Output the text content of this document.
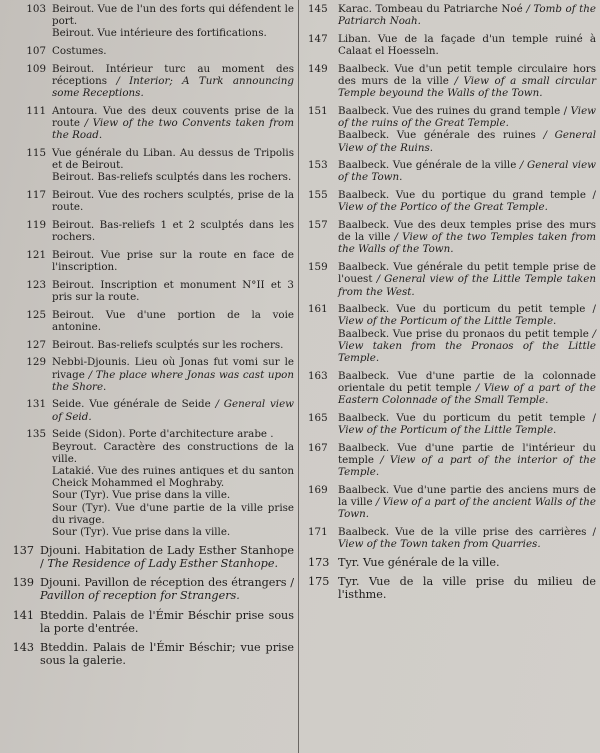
103 Beirout. Vue de l'un des forts qui défendent le port.

Beirout. Vue intérieure des fortifications.

107 Costumes.

109 Beirout. Intérieur turc au moment des réceptions / Interior; A Turk announcing some Receptions.

111 Antoura. Vue des deux couvents prise de la route / View of the two Convents taken from the Road.

115 Vue générale du Liban. Au dessus de Tripolis et de Beirout.

Beirout. Bas-reliefs sculptés dans les rochers.

117 Beirout. Vue des rochers sculptés, prise de la route.

119 Beirout. Bas-reliefs 1 et 2 sculptés dans les rochers.

121 Beirout. Vue prise sur la route en face de l'inscription.

123 Beirout. Inscription et monument N°II et 3 pris sur la route.

125 Beirout. Vue d'une portion de la voie antonine.

127 Beirout. Bas-reliefs sculptés sur les rochers.

129 Nebbi-Djounis. Lieu où Jonas fut vomi sur le rivage / The place where Jonas was cast upon the Shore.

131 Seide. Vue générale de Seide / General view of Seid.

135 Seide (Sidon). Porte d'architecture arabe .

Beyrout. Caractère des constructions de la ville.

Latakié. Vue des ruines antiques et du santon Cheick Mohammed el Moghraby.

Sour (Tyr). Vue prise dans la ville.

Sour (Tyr). Vue d'une partie de la ville prise du rivage.

Sour (Tyr). Vue prise dans la ville.

137 Djouni. Habitation de Lady Esther Stanhope / The Residence of Lady Esther Stanhope.

139 Djouni. Pavillon de réception des étrangers / Pavillon of reception for Strangers.

141 Bteddin. Palais de l'Émir Béschir prise sous la porte d'entrée.

143 Bteddin. Palais de l'Émir Béschir; vue prise sous la galerie.

145	Karac. Tombeau du Patriarche Noé / Tomb of the Patriarch Noah.

147	Liban. Vue de la façade d'un temple ruiné à Calaat el Hoesseln.

149	Baalbeck. Vue d'un petit temple circulaire hors des murs de la ville / View of a small circular Temple beyound the Walls of the Town.

151	Baalbeck. Vue des ruines du grand temple / View of the ruins of the Great Temple.

Baalbeck. Vue générale des ruines / General View of the Ruins.

153	Baalbeck. Vue générale de la ville / General view of the Town.

155	Baalbeck. Vue du portique du grand temple / View of the Portico of the Great Temple.

157	Baalbeck. Vue des deux temples prise des murs de la ville / View of the two Temples taken from the Walls of the Town.

159	Baalbeck. Vue générale du petit temple prise de l'ouest / General view of the Little Temple taken from the West.

161	Baalbeck. Vue du porticum du petit temple / View of the Porticum of the Little Temple.

Baalbeck. Vue prise du pronaos du petit temple / View taken from the Pronaos of the Little Temple.

163	Baalbeck. Vue d'une partie de la colonnade orientale du petit temple / View of a part of the Eastern Colonnade of the Small Temple.

165	Baalbeck. Vue du porticum du petit temple / View of the Porticum of the Little Temple.

167	Baalbeck. Vue d'une partie de l'intérieur du temple / View of a part of the interior of the Temple.

169	Baalbeck. Vue d'une partie des anciens murs de la ville / View of a part of the ancient Walls of the Town.

171	Baalbeck. Vue de la ville prise des carrières / View of the Town taken from Quarries.

173 Tyr. Vue générale de la ville.

175 Tyr. Vue de la ville prise du milieu de l'isthme.
